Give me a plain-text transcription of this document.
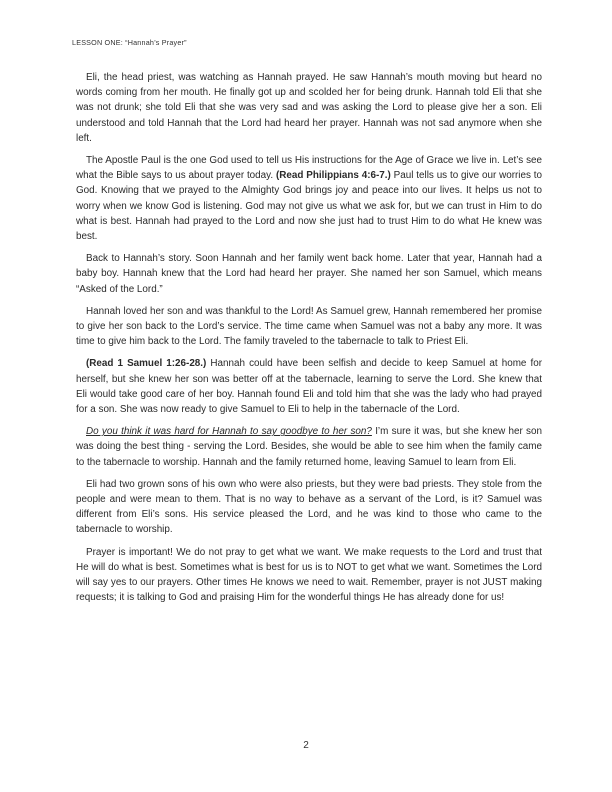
LESSON ONE: “Hannah’s Prayer”

Eli, the head priest, was watching as Hannah prayed. He saw Hannah’s mouth moving but heard no words coming from her mouth. He finally got up and scolded her for being drunk. Hannah told Eli that she was not drunk; she told Eli that she was very sad and was asking the Lord to please give her a son. Eli understood and told Hannah that the Lord had heard her prayer. Hannah was not sad anymore when she left.

The Apostle Paul is the one God used to tell us His instructions for the Age of Grace we live in. Let’s see what the Bible says to us about prayer today. (Read Philippians 4:6-7.) Paul tells us to give our worries to God. Knowing that we prayed to the Almighty God brings joy and peace into our lives. It helps us not to worry when we know God is listening. God may not give us what we ask for, but we can trust in Him to do what is best. Hannah had prayed to the Lord and now she just had to trust Him to do what He knew was best.

Back to Hannah’s story. Soon Hannah and her family went back home. Later that year, Hannah had a baby boy. Hannah knew that the Lord had heard her prayer. She named her son Samuel, which means “Asked of the Lord.”

Hannah loved her son and was thankful to the Lord! As Samuel grew, Hannah remembered her promise to give her son back to the Lord’s service. The time came when Samuel was not a baby any more. It was time to give him back to the Lord. The family traveled to the tabernacle to talk to Priest Eli.

(Read 1 Samuel 1:26-28.) Hannah could have been selfish and decide to keep Samuel at home for herself, but she knew her son was better off at the tabernacle, learning to serve the Lord. She knew that Eli would take good care of her boy. Hannah found Eli and told him that she was the lady who had prayed for a son. She was now ready to give Samuel to Eli to help in the tabernacle of the Lord.

Do you think it was hard for Hannah to say goodbye to her son? I’m sure it was, but she knew her son was doing the best thing - serving the Lord. Besides, she would be able to see him when the family came to the tabernacle to worship. Hannah and the family returned home, leaving Samuel to learn from Eli.

Eli had two grown sons of his own who were also priests, but they were bad priests. They stole from the people and were mean to them. That is no way to behave as a servant of the Lord, is it? Samuel was different from Eli’s sons. His service pleased the Lord, and he was kind to those who came to the tabernacle to worship.

Prayer is important! We do not pray to get what we want. We make requests to the Lord and trust that He will do what is best. Sometimes what is best for us is to NOT to get what we want. Sometimes the Lord will say yes to our prayers. Other times He knows we need to wait. Remember, prayer is not JUST making requests; it is talking to God and praising Him for the wonderful things He has already done for us!

2
